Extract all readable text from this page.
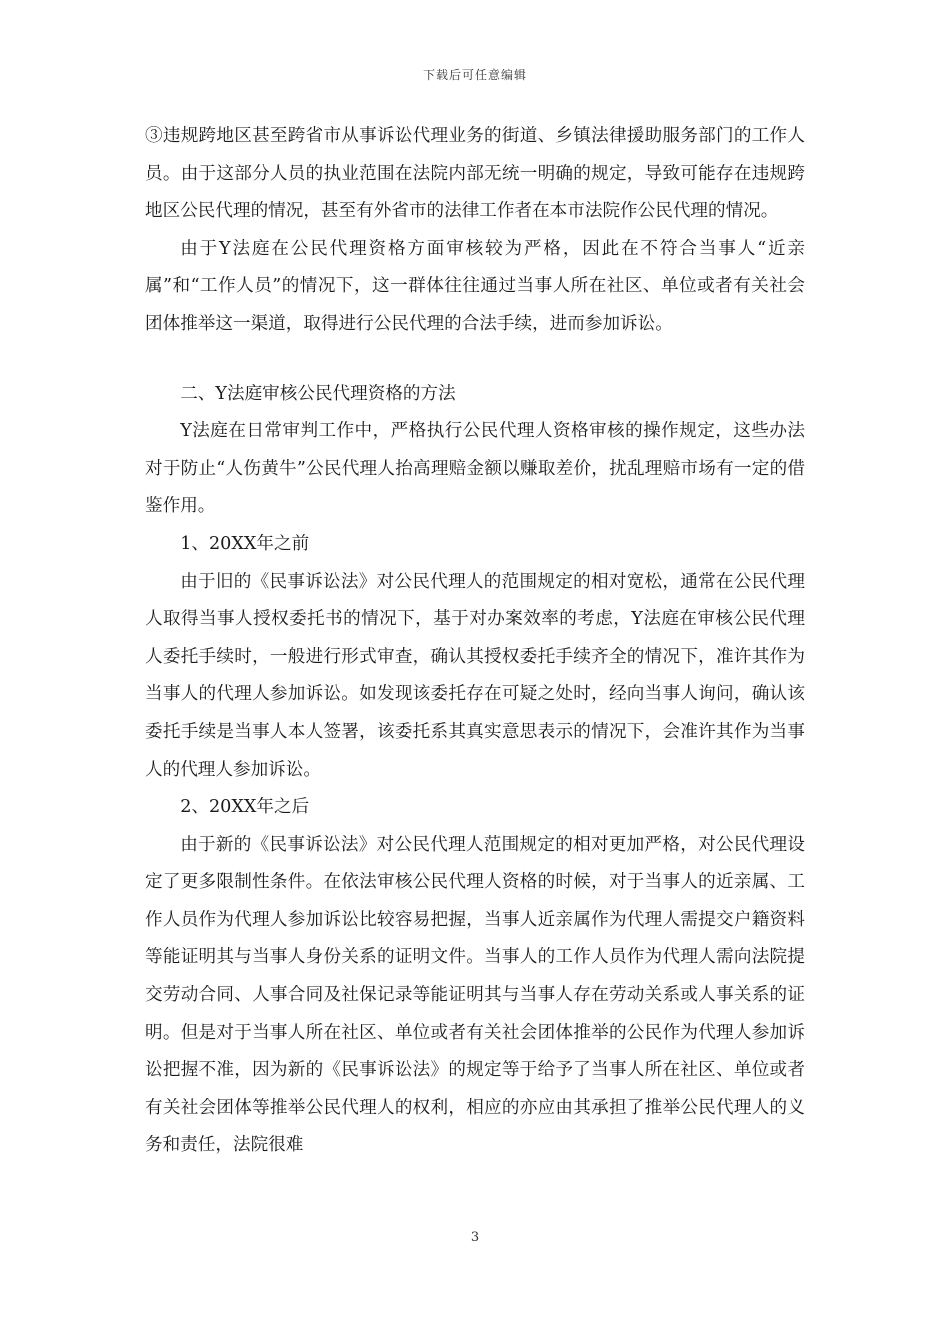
下载后可任意编辑

③违规跨地区甚至跨省市从事诉讼代理业务的街道、乡镇法律援助服务部门的工作人员。由于这部分人员的执业范围在法院内部无统一明确的规定，导致可能存在违规跨地区公民代理的情况，甚至有外省市的法律工作者在本市法院作公民代理的情况。

由于Y法庭在公民代理资格方面审核较为严格，因此在不符合当事人“近亲属”和“工作人员”的情况下，这一群体往往通过当事人所在社区、单位或者有关社会团体推举这一渠道，取得进行公民代理的合法手续，进而参加诉讼。

二、Y法庭审核公民代理资格的方法

Y法庭在日常审判工作中，严格执行公民代理人资格审核的操作规定，这些办法对于防止“人伤黄牛”公民代理人抬高理赔金额以赚取差价，扰乱理赔市场有一定的借鉴作用。

1、20XX年之前

由于旧的《民事诉讼法》对公民代理人的范围规定的相对宽松，通常在公民代理人取得当事人授权委托书的情况下，基于对办案效率的考虑，Y法庭在审核公民代理人委托手续时，一般进行形式审查，确认其授权委托手续齐全的情况下，准许其作为当事人的代理人参加诉讼。如发现该委托存在可疑之处时，经向当事人询问，确认该委托手续是当事人本人签署，该委托系其真实意思表示的情况下，会准许其作为当事人的代理人参加诉讼。

2、20XX年之后

由于新的《民事诉讼法》对公民代理人范围规定的相对更加严格，对公民代理设定了更多限制性条件。在依法审核公民代理人资格的时候，对于当事人的近亲属、工作人员作为代理人参加诉讼比较容易把握，当事人近亲属作为代理人需提交户籍资料等能证明其与当事人身份关系的证明文件。当事人的工作人员作为代理人需向法院提交劳动合同、人事合同及社保记录等能证明其与当事人存在劳动关系或人事关系的证明。但是对于当事人所在社区、单位或者有关社会团体推举的公民作为代理人参加诉讼把握不准，因为新的《民事诉讼法》的规定等于给予了当事人所在社区、单位或者有关社会团体等推举公民代理人的权利，相应的亦应由其承担了推举公民代理人的义务和责任，法院很难

3
